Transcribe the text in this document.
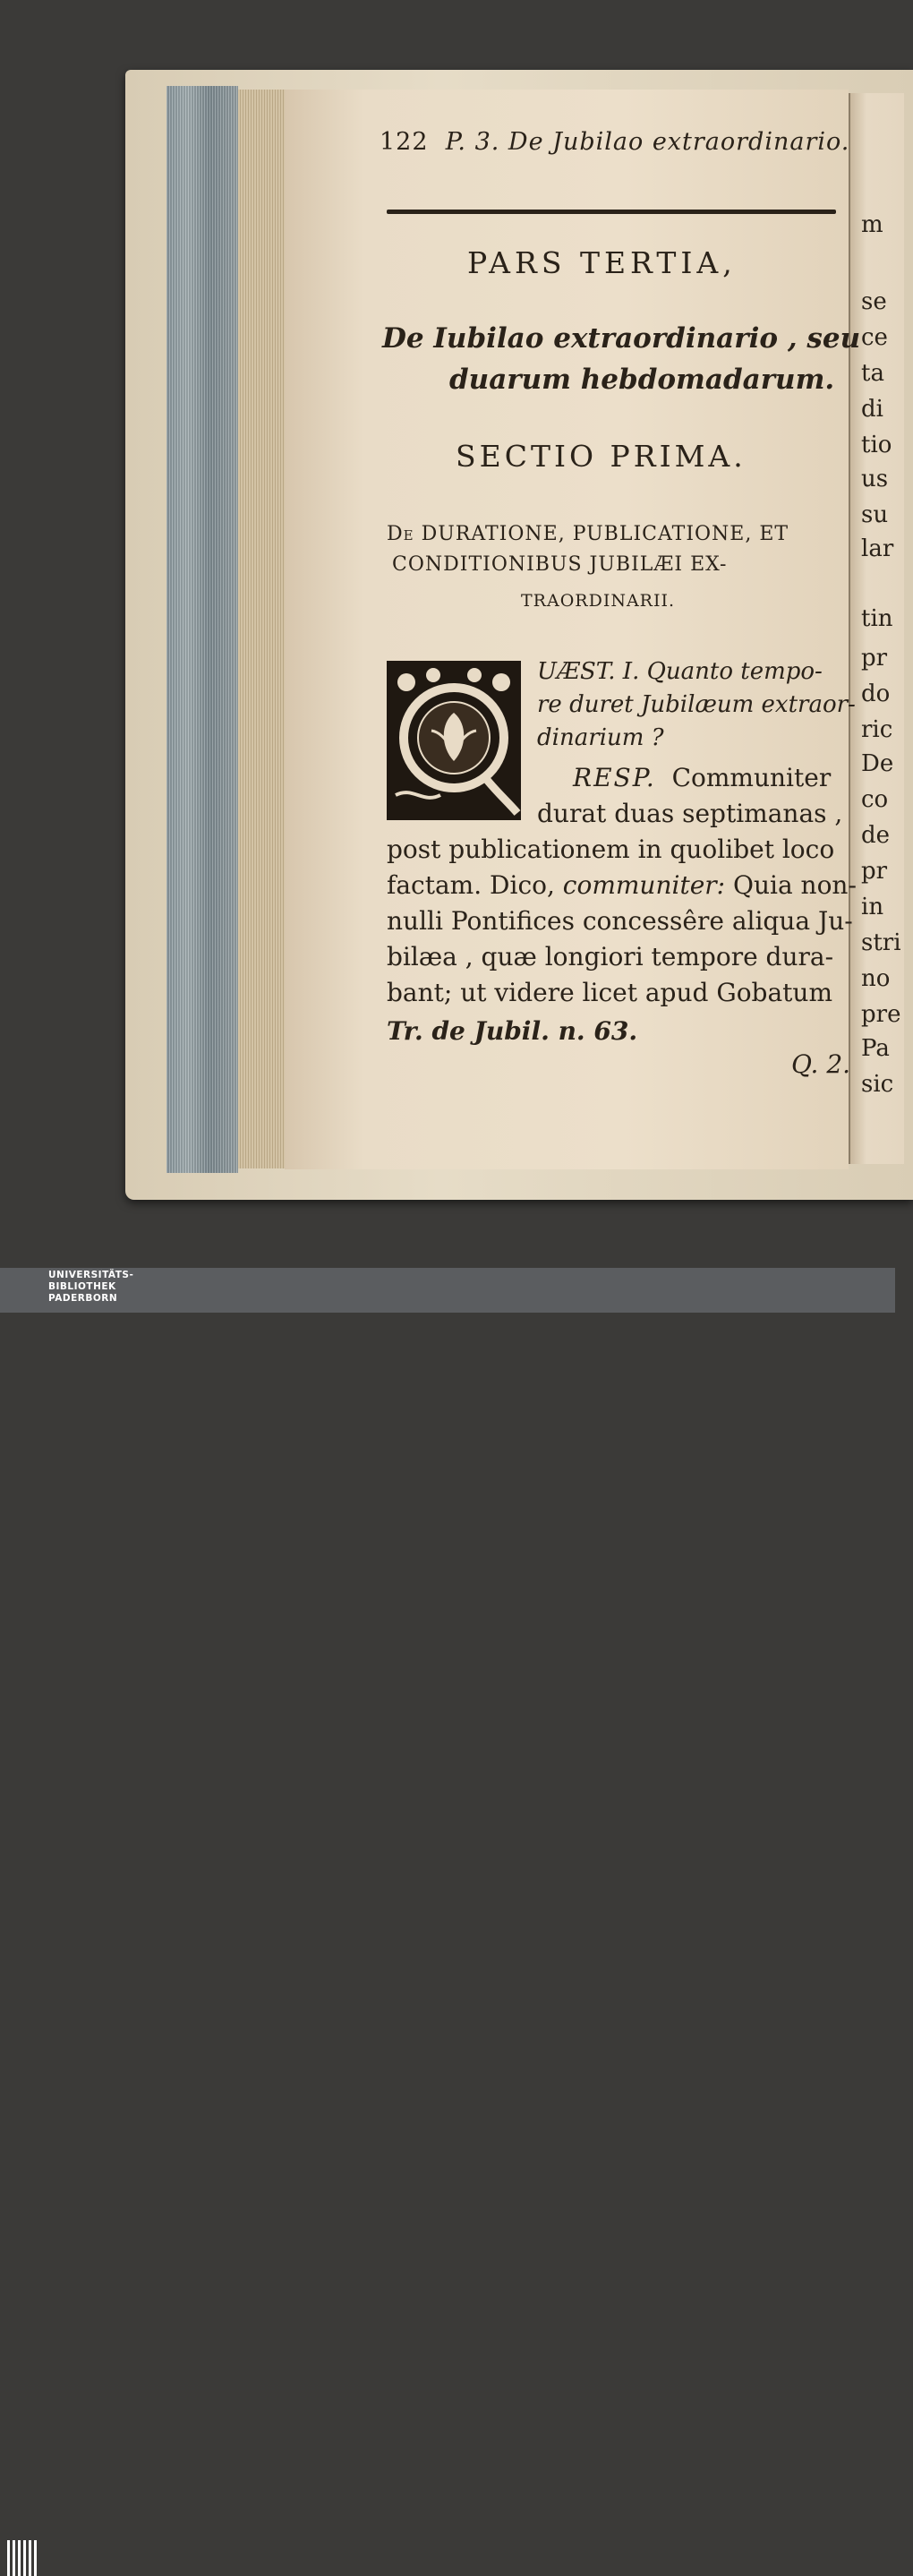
122 P. 3. De Jubilao extraordinario.

PARS TERTIA,

De Iubilao extraordinario , seu

duarum hebdomadarum.

SECTIO PRIMA.

De DURATIONE, PUBLICATIONE, ET

CONDITIONIBUS JUBILÆI EX-

TRAORDINARII.

UÆST. I. Quanto tempo-

re duret Jubilæum extraor-

dinarium ?

RESP. Communiter

durat duas septimanas ,

post publicationem in quolibet loco

factam. Dico, communiter: Quia non-

nulli Pontifices concessêre aliqua Ju-

bilæa , quæ longiori tempore dura-

bant; ut videre licet apud Gobatum

Tr. de Jubil. n. 63.

Q. 2.

m

se

ce

ta

di

tio

us

su

lar

tin

pr

do

ric

De

co

de

pr

in

stri

no

pre

Pa

sic

UNIVERSITÄTS-

BIBLIOTHEK

PADERBORN
